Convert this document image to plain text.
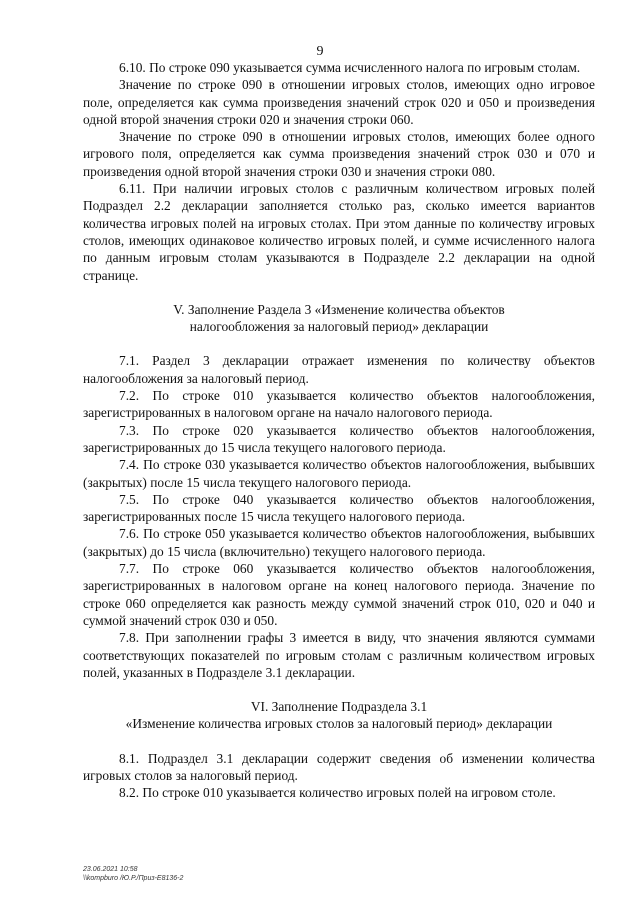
9

6.10. По строке 090 указывается сумма исчисленного налога по игровым столам.

Значение по строке 090 в отношении игровых столов, имеющих одно игровое поле, определяется как сумма произведения значений строк 020 и 050 и произведения одной второй значения строки 020 и значения строки 060.

Значение по строке 090 в отношении игровых столов, имеющих более одного игрового поля, определяется как сумма произведения значений строк 030 и 070 и произведения одной второй значения строки 030 и значения строки 080.

6.11. При наличии игровых столов с различным количеством игровых полей Подраздел 2.2 декларации заполняется столько раз, сколько имеется вариантов количества игровых полей на игровых столах. При этом данные по количеству игровых столов, имеющих одинаковое количество игровых полей, и сумме исчисленного налога по данным игровым столам указываются в Подразделе 2.2 декларации на одной странице.

V. Заполнение Раздела 3 «Изменение количества объектов
налогообложения за налоговый период» декларации

7.1. Раздел 3 декларации отражает изменения по количеству объектов налогообложения за налоговый период.

7.2. По строке 010 указывается количество объектов налогообложения, зарегистрированных в налоговом органе на начало налогового периода.

7.3. По строке 020 указывается количество объектов налогообложения, зарегистрированных до 15 числа текущего налогового периода.

7.4. По строке 030 указывается количество объектов налогообложения, выбывших (закрытых) после 15 числа текущего налогового периода.

7.5. По строке 040 указывается количество объектов налогообложения, зарегистрированных после 15 числа текущего налогового периода.

7.6. По строке 050 указывается количество объектов налогообложения, выбывших (закрытых) до 15 числа (включительно) текущего налогового периода.

7.7. По строке 060 указывается количество объектов налогообложения, зарегистрированных в налоговом органе на конец налогового периода. Значение по строке 060 определяется как разность между суммой значений строк 010, 020 и 040 и суммой значений строк 030 и 050.

7.8. При заполнении графы 3 имеется в виду, что значения являются суммами соответствующих показателей по игровым столам с различным количеством игровых полей, указанных в Подразделе 3.1 декларации.

VI. Заполнение Подраздела 3.1
«Изменение количества игровых столов за налоговый период» декларации

8.1. Подраздел 3.1 декларации содержит сведения об изменении количества игровых столов за налоговый период.

8.2. По строке 010 указывается количество игровых полей на игровом столе.

23.06.2021 10:58
\\kompburo /Ю.Р./Приз-Е8136-2
